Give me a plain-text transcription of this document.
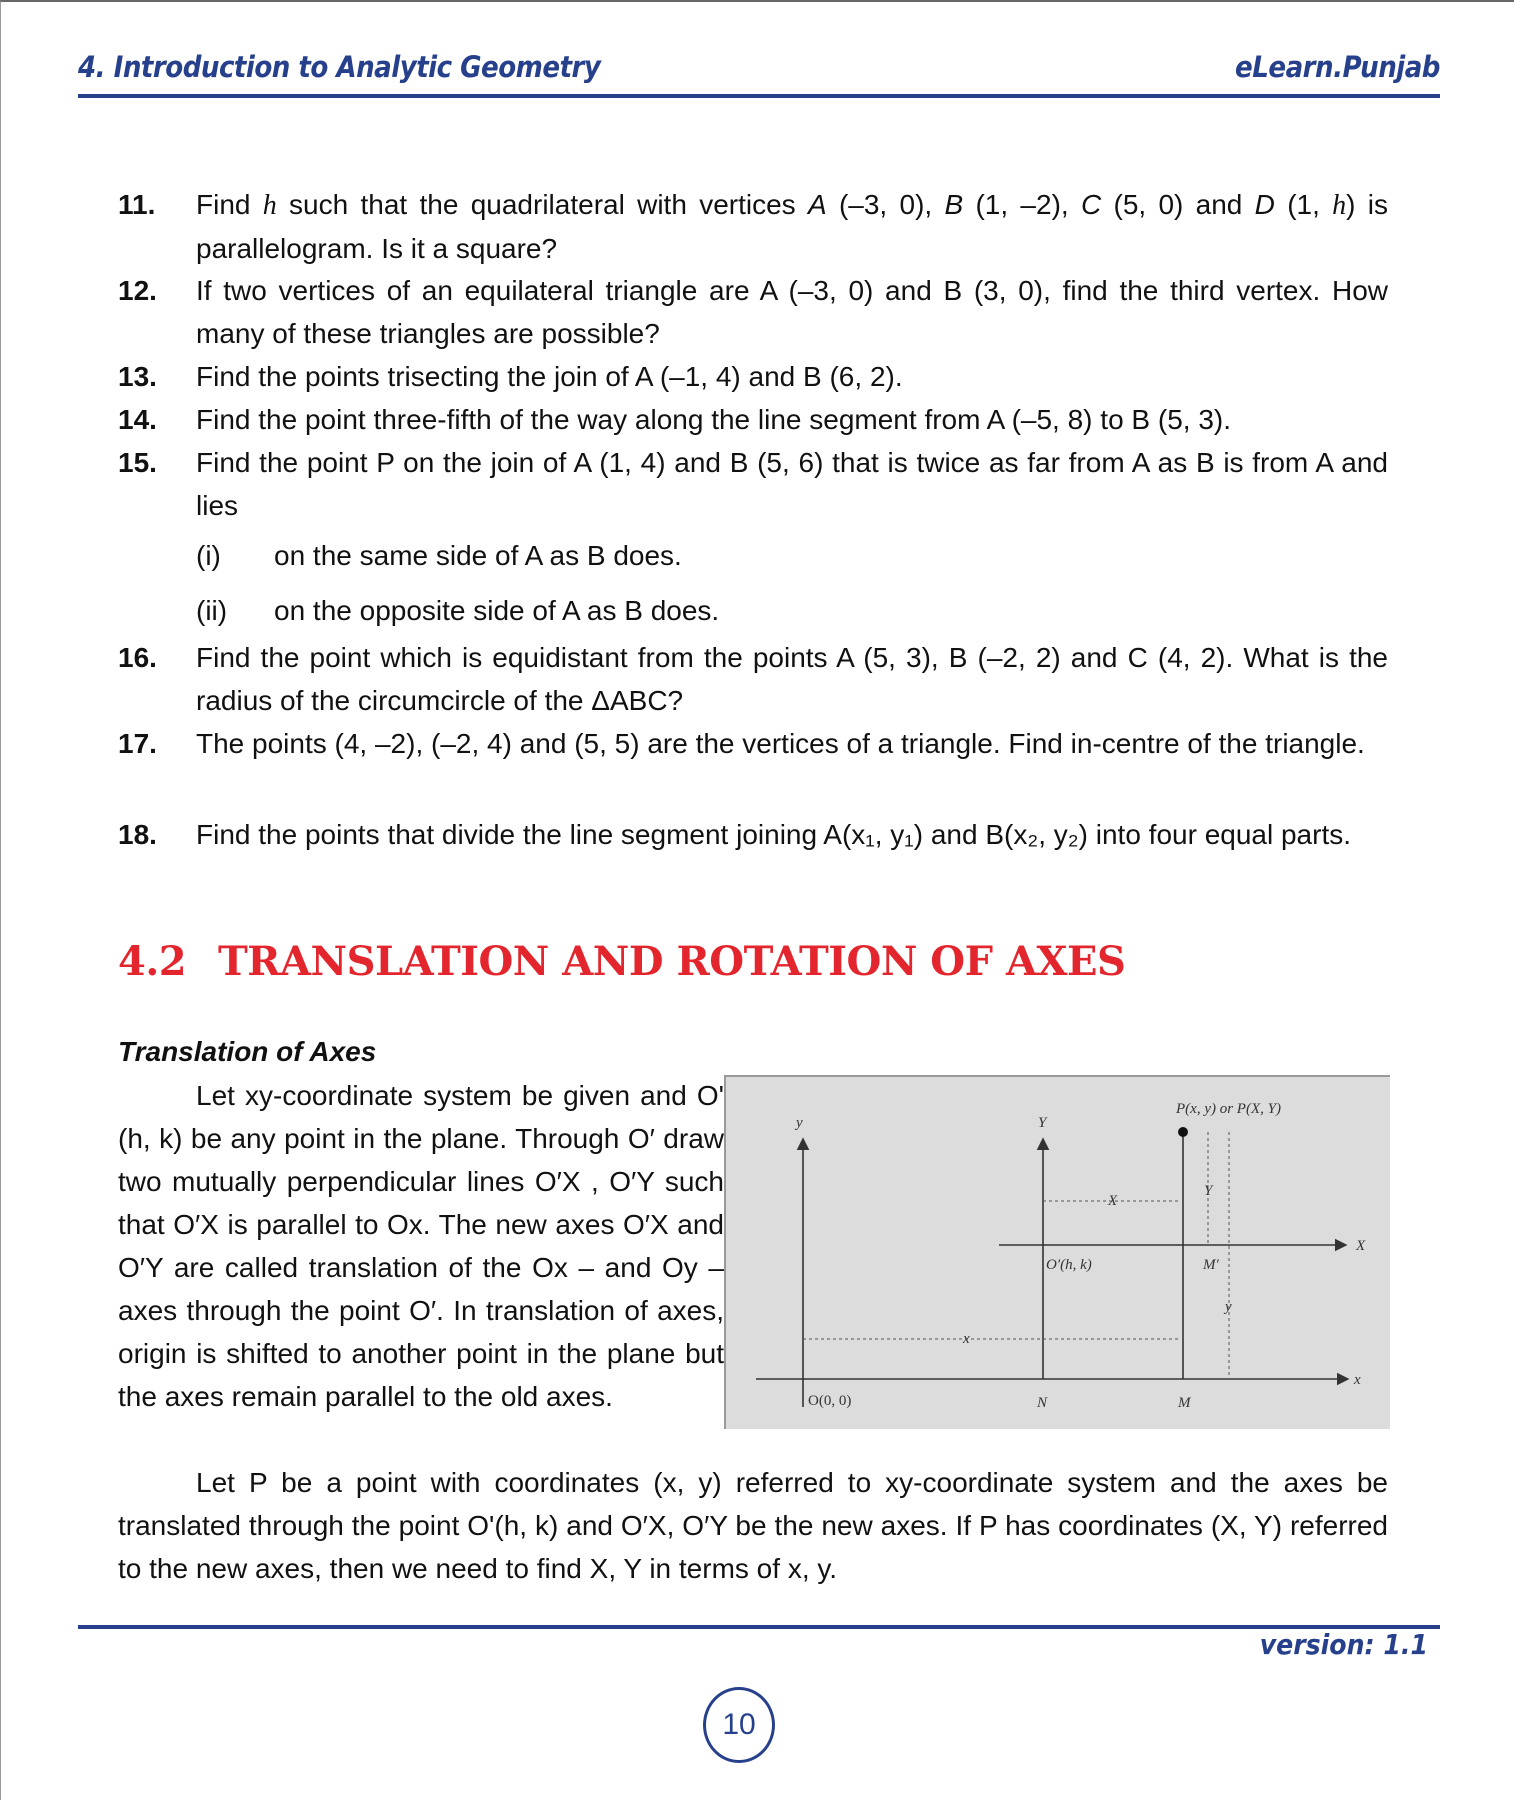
4. Introduction to Analytic Geometry	eLearn.Punjab
11. Find h such that the quadrilateral with vertices A (–3, 0), B (1, –2), C (5, 0) and D (1, h) is parallelogram. Is it a square?
12. If two vertices of an equilateral triangle are A (–3, 0) and B (3, 0), find the third vertex. How many of these triangles are possible?
13. Find the points trisecting the join of A (–1, 4) and B (6, 2).
14. Find the point three-fifth of the way along the line segment from A (–5, 8) to B (5, 3).
15. Find the point P on the join of A (1, 4) and B (5, 6) that is twice as far from A as B is from A and lies
(i) on the same side of A as B does.
(ii) on the opposite side of A as B does.
16. Find the point which is equidistant from the points A (5, 3), B (–2, 2) and C (4, 2). What is the radius of the circumcircle of the ΔABC?
17. The points (4, –2), (–2, 4) and (5, 5) are the vertices of a triangle. Find in-centre of the triangle.
18. Find the points that divide the line segment joining A(x₁, y₁) and B(x₂, y₂) into four equal parts.
4.2 TRANSLATION AND ROTATION OF AXES
Translation of Axes
Let xy-coordinate system be given and O' (h, k) be any point in the plane. Through O′ draw two mutually perpendicular lines O′X , O′Y such that O′X is parallel to Ox. The new axes O′X and O′Y are called translation of the Ox – and Oy – axes through the point O′. In translation of axes, origin is shifted to another point in the plane but the axes remain parallel to the old axes.
y	Y
X
x
O(0, 0)
O′(h, k)
P(x, y) or P(X, Y)
N	M
M′
x
X
Y
y
Let P be a point with coordinates (x, y) referred to xy-coordinate system and the axes be translated through the point O'(h, k) and O′X, O′Y be the new axes. If P has coordinates (X, Y) referred to the new axes, then we need to find X, Y in terms of x, y.
version: 1.1
10
